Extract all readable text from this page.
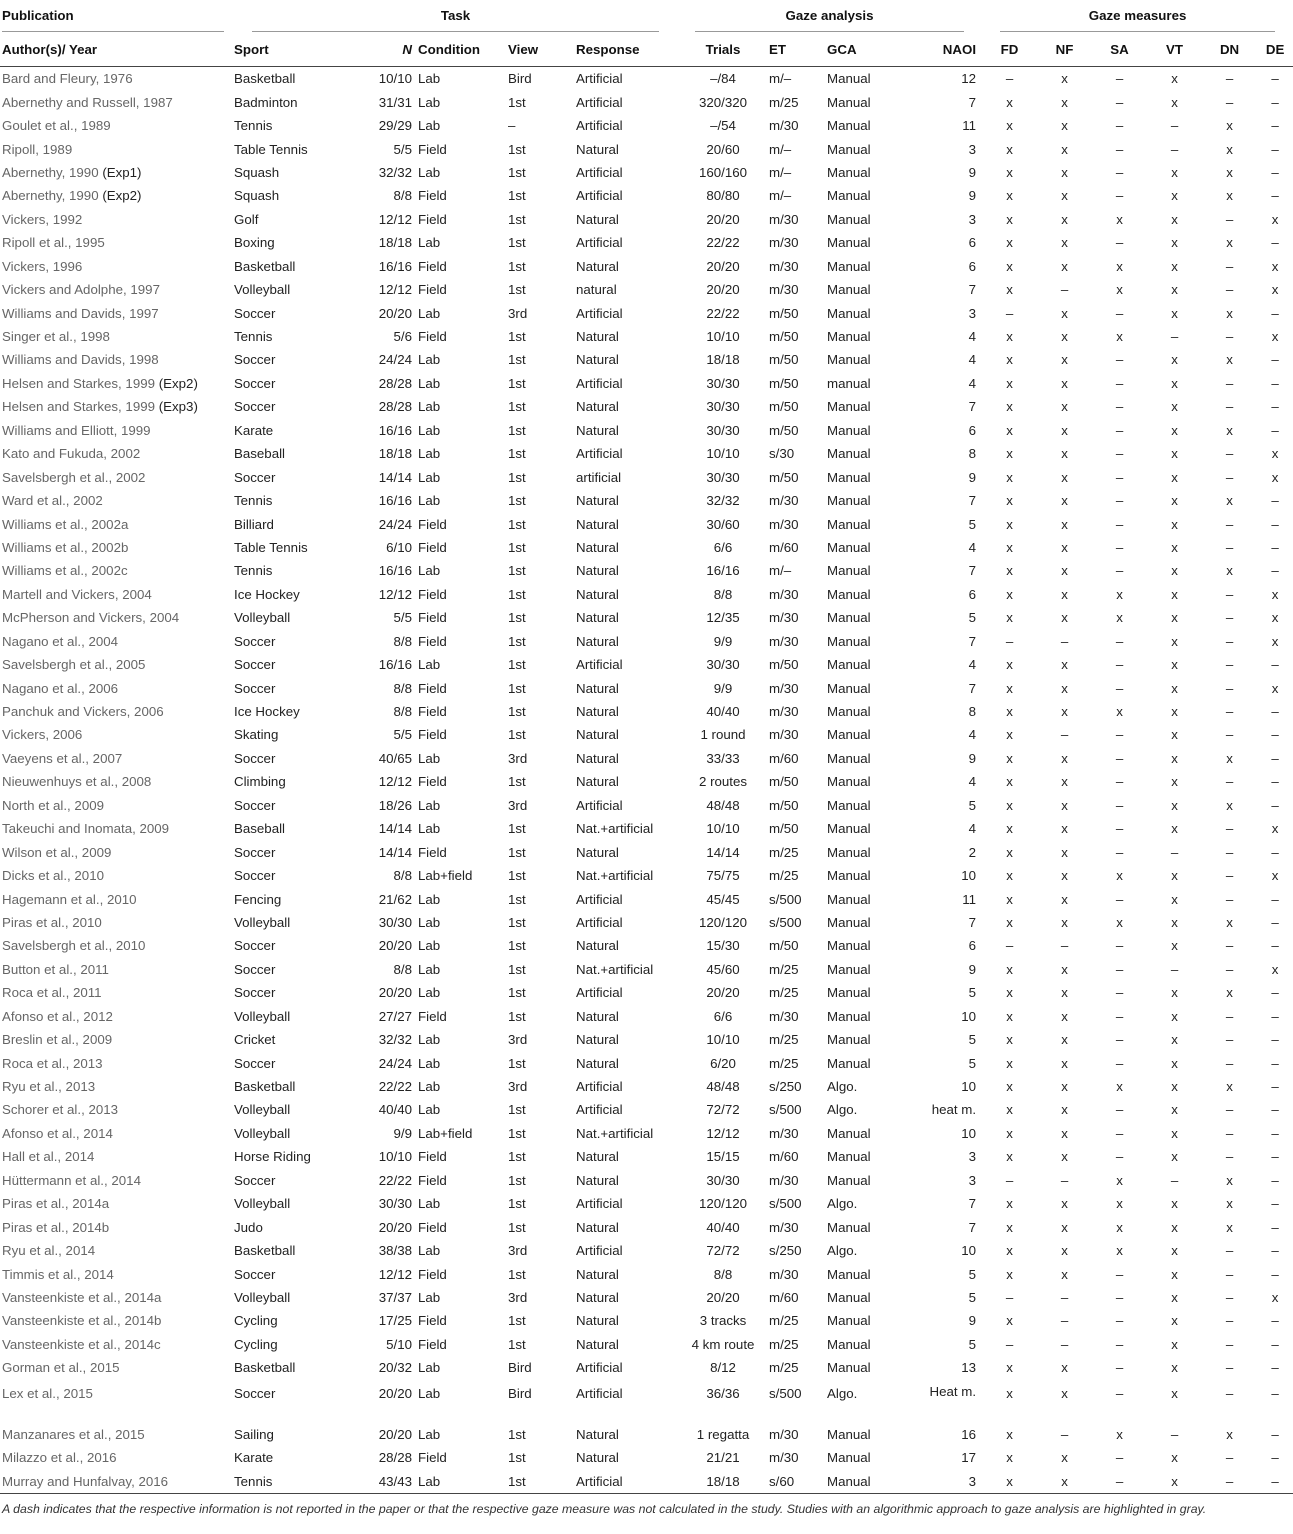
Publication	Task					Gaze analysis				Gaze measures					

Author(s)/ Year	Sport	N	Condition	View	Response	Trials	ET	GCA	NAOI	FD	NF	SA	VT	DN	DE
Bard and Fleury, 1976	Basketball	10/10	Lab	Bird	Artificial	–/84	m/–	Manual	12	–	x	–	x	–	–
Abernethy and Russell, 1987	Badminton	31/31	Lab	1st	Artificial	320/320	m/25	Manual	7	x	x	–	x	–	–
Goulet et al., 1989	Tennis	29/29	Lab	–	Artificial	–/54	m/30	Manual	11	x	x	–	–	x	–
Ripoll, 1989	Table Tennis	5/5	Field	1st	Natural	20/60	m/–	Manual	3	x	x	–	–	x	–
Abernethy, 1990 (Exp1)	Squash	32/32	Lab	1st	Artificial	160/160	m/–	Manual	9	x	x	–	x	x	–
Abernethy, 1990 (Exp2)	Squash	8/8	Field	1st	Artificial	80/80	m/–	Manual	9	x	x	–	x	x	–
Vickers, 1992	Golf	12/12	Field	1st	Natural	20/20	m/30	Manual	3	x	x	x	x	–	x
Ripoll et al., 1995	Boxing	18/18	Lab	1st	Artificial	22/22	m/30	Manual	6	x	x	–	x	x	–
Vickers, 1996	Basketball	16/16	Field	1st	Natural	20/20	m/30	Manual	6	x	x	x	x	–	x
Vickers and Adolphe, 1997	Volleyball	12/12	Field	1st	natural	20/20	m/30	Manual	7	x	–	x	x	–	x
Williams and Davids, 1997	Soccer	20/20	Lab	3rd	Artificial	22/22	m/50	Manual	3	–	x	–	x	x	–
Singer et al., 1998	Tennis	5/6	Field	1st	Natural	10/10	m/50	Manual	4	x	x	x	–	–	x
Williams and Davids, 1998	Soccer	24/24	Lab	1st	Natural	18/18	m/50	Manual	4	x	x	–	x	x	–
Helsen and Starkes, 1999 (Exp2)	Soccer	28/28	Lab	1st	Artificial	30/30	m/50	manual	4	x	x	–	x	–	–
Helsen and Starkes, 1999 (Exp3)	Soccer	28/28	Lab	1st	Natural	30/30	m/50	Manual	7	x	x	–	x	–	–
Williams and Elliott, 1999	Karate	16/16	Lab	1st	Natural	30/30	m/50	Manual	6	x	x	–	x	x	–
Kato and Fukuda, 2002	Baseball	18/18	Lab	1st	Artificial	10/10	s/30	Manual	8	x	x	–	x	–	x
Savelsbergh et al., 2002	Soccer	14/14	Lab	1st	artificial	30/30	m/50	Manual	9	x	x	–	x	–	x
Ward et al., 2002	Tennis	16/16	Lab	1st	Natural	32/32	m/30	Manual	7	x	x	–	x	x	–
Williams et al., 2002a	Billiard	24/24	Field	1st	Natural	30/60	m/30	Manual	5	x	x	–	x	–	–
Williams et al., 2002b	Table Tennis	6/10	Field	1st	Natural	6/6	m/60	Manual	4	x	x	–	x	–	–
Williams et al., 2002c	Tennis	16/16	Lab	1st	Natural	16/16	m/–	Manual	7	x	x	–	x	x	–
Martell and Vickers, 2004	Ice Hockey	12/12	Field	1st	Natural	8/8	m/30	Manual	6	x	x	x	x	–	x
McPherson and Vickers, 2004	Volleyball	5/5	Field	1st	Natural	12/35	m/30	Manual	5	x	x	x	x	–	x
Nagano et al., 2004	Soccer	8/8	Field	1st	Natural	9/9	m/30	Manual	7	–	–	–	x	–	x
Savelsbergh et al., 2005	Soccer	16/16	Lab	1st	Artificial	30/30	m/50	Manual	4	x	x	–	x	–	–
Nagano et al., 2006	Soccer	8/8	Field	1st	Natural	9/9	m/30	Manual	7	x	x	–	x	–	x
Panchuk and Vickers, 2006	Ice Hockey	8/8	Field	1st	Natural	40/40	m/30	Manual	8	x	x	x	x	–	–
Vickers, 2006	Skating	5/5	Field	1st	Natural	1 round	m/30	Manual	4	x	–	–	x	–	–
Vaeyens et al., 2007	Soccer	40/65	Lab	3rd	Natural	33/33	m/60	Manual	9	x	x	–	x	x	–
Nieuwenhuys et al., 2008	Climbing	12/12	Field	1st	Natural	2 routes	m/50	Manual	4	x	x	–	x	–	–
North et al., 2009	Soccer	18/26	Lab	3rd	Artificial	48/48	m/50	Manual	5	x	x	–	x	x	–
Takeuchi and Inomata, 2009	Baseball	14/14	Lab	1st	Nat.+artificial	10/10	m/50	Manual	4	x	x	–	x	–	x
Wilson et al., 2009	Soccer	14/14	Field	1st	Natural	14/14	m/25	Manual	2	x	x	–	–	–	–
Dicks et al., 2010	Soccer	8/8	Lab+field	1st	Nat.+artificial	75/75	m/25	Manual	10	x	x	x	x	–	x
Hagemann et al., 2010	Fencing	21/62	Lab	1st	Artificial	45/45	s/500	Manual	11	x	x	–	x	–	–
Piras et al., 2010	Volleyball	30/30	Lab	1st	Artificial	120/120	s/500	Manual	7	x	x	x	x	x	–
Savelsbergh et al., 2010	Soccer	20/20	Lab	1st	Natural	15/30	m/50	Manual	6	–	–	–	x	–	–
Button et al., 2011	Soccer	8/8	Lab	1st	Nat.+artificial	45/60	m/25	Manual	9	x	x	–	–	–	x
Roca et al., 2011	Soccer	20/20	Lab	1st	Artificial	20/20	m/25	Manual	5	x	x	–	x	x	–
Afonso et al., 2012	Volleyball	27/27	Field	1st	Natural	6/6	m/30	Manual	10	x	x	–	x	–	–
Breslin et al., 2009	Cricket	32/32	Lab	3rd	Natural	10/10	m/25	Manual	5	x	x	–	x	–	–
Roca et al., 2013	Soccer	24/24	Lab	1st	Natural	6/20	m/25	Manual	5	x	x	–	x	–	–
Ryu et al., 2013	Basketball	22/22	Lab	3rd	Artificial	48/48	s/250	Algo.	10	x	x	x	x	x	–
Schorer et al., 2013	Volleyball	40/40	Lab	1st	Artificial	72/72	s/500	Algo.	heat m.	x	x	–	x	–	–
Afonso et al., 2014	Volleyball	9/9	Lab+field	1st	Nat.+artificial	12/12	m/30	Manual	10	x	x	–	x	–	–
Hall et al., 2014	Horse Riding	10/10	Field	1st	Natural	15/15	m/60	Manual	3	x	x	–	x	–	–
Hüttermann et al., 2014	Soccer	22/22	Field	1st	Natural	30/30	m/30	Manual	3	–	–	x	–	x	–
Piras et al., 2014a	Volleyball	30/30	Lab	1st	Artificial	120/120	s/500	Algo.	7	x	x	x	x	x	–
Piras et al., 2014b	Judo	20/20	Field	1st	Natural	40/40	m/30	Manual	7	x	x	x	x	x	–
Ryu et al., 2014	Basketball	38/38	Lab	3rd	Artificial	72/72	s/250	Algo.	10	x	x	x	x	–	–
Timmis et al., 2014	Soccer	12/12	Field	1st	Natural	8/8	m/30	Manual	5	x	x	–	x	–	–
Vansteenkiste et al., 2014a	Volleyball	37/37	Lab	3rd	Natural	20/20	m/60	Manual	5	–	–	–	x	–	x
Vansteenkiste et al., 2014b	Cycling	17/25	Field	1st	Natural	3 tracks	m/25	Manual	9	x	–	–	x	–	–
Vansteenkiste et al., 2014c	Cycling	5/10	Field	1st	Natural	4 km route	m/25	Manual	5	–	–	–	x	–	–
Gorman et al., 2015	Basketball	20/32	Lab	Bird	Artificial	8/12	m/25	Manual	13	x	x	–	x	–	–
Lex et al., 2015	Soccer	20/20	Lab	Bird	Artificial	36/36	s/500	Algo.	Heat m.	x	x	–	x	–	–
Manzanares et al., 2015	Sailing	20/20	Lab	1st	Natural	1 regatta	m/30	Manual	16	x	–	x	–	x	–
Milazzo et al., 2016	Karate	28/28	Field	1st	Natural	21/21	m/30	Manual	17	x	x	–	x	–	–
Murray and Hunfalvay, 2016	Tennis	43/43	Lab	1st	Artificial	18/18	s/60	Manual	3	x	x	–	x	–	–
A dash indicates that the respective information is not reported in the paper or that the respective gaze measure was not calculated in the study. Studies with an algorithmic approach to gaze analysis are highlighted in gray.															
